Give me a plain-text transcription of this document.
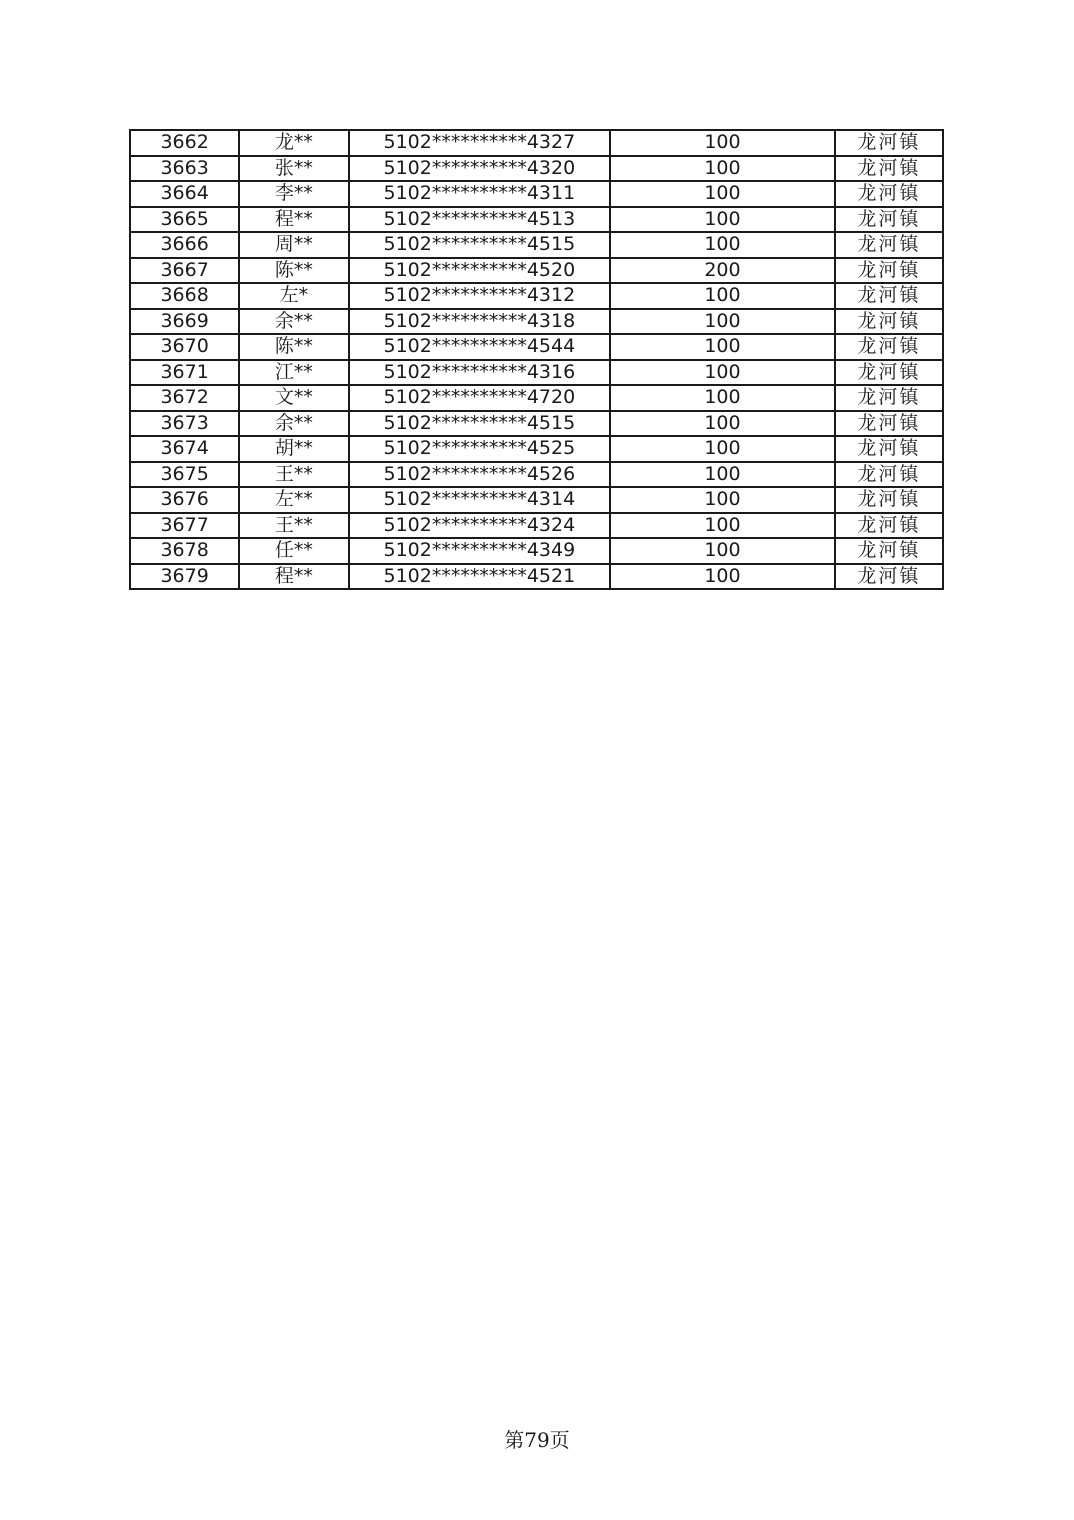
3662	龙**	5102**********4327	100	龙河镇
3663	张**	5102**********4320	100	龙河镇
3664	李**	5102**********4311	100	龙河镇
3665	程**	5102**********4513	100	龙河镇
3666	周**	5102**********4515	100	龙河镇
3667	陈**	5102**********4520	200	龙河镇
3668	左*	5102**********4312	100	龙河镇
3669	余**	5102**********4318	100	龙河镇
3670	陈**	5102**********4544	100	龙河镇
3671	江**	5102**********4316	100	龙河镇
3672	文**	5102**********4720	100	龙河镇
3673	余**	5102**********4515	100	龙河镇
3674	胡**	5102**********4525	100	龙河镇
3675	王**	5102**********4526	100	龙河镇
3676	左**	5102**********4314	100	龙河镇
3677	王**	5102**********4324	100	龙河镇
3678	任**	5102**********4349	100	龙河镇
3679	程**	5102**********4521	100	龙河镇
第79页
